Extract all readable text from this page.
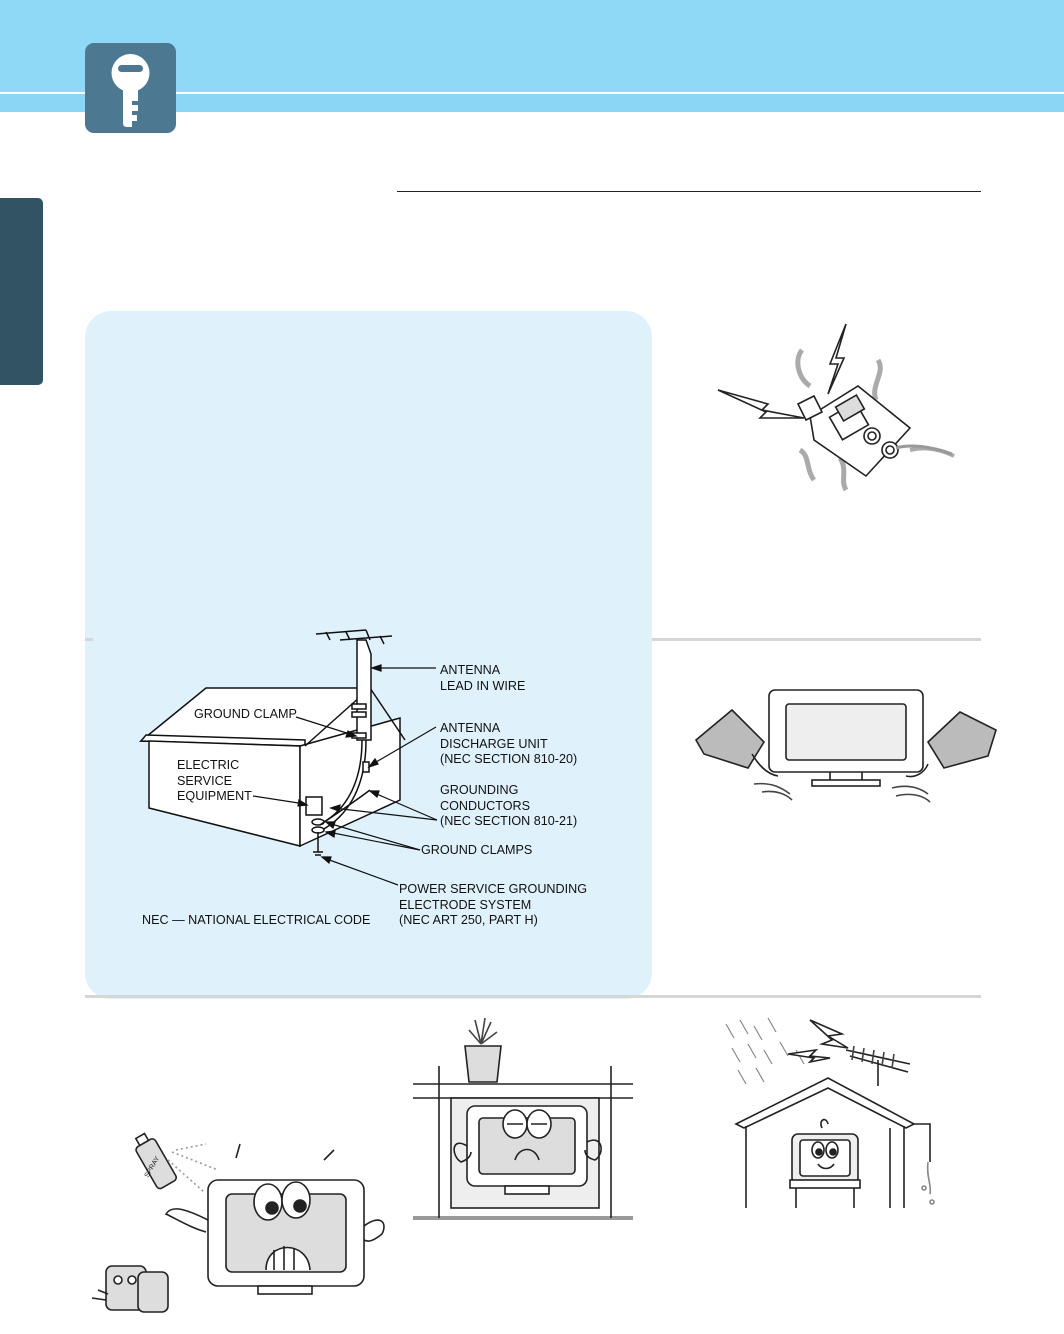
ANTENNA
LEAD IN WIRE
GROUND CLAMP
ANTENNA
DISCHARGE UNIT
(NEC SECTION 810-20)
ELECTRIC
SERVICE
EQUIPMENT	GROUNDING
CONDUCTORS
(NEC SECTION 810-21)
GROUND CLAMPS
POWER SERVICE GROUNDING
ELECTRODE SYSTEM
(NEC ART 250, PART H)
NEC — NATIONAL ELECTRICAL CODE
SPRAY
